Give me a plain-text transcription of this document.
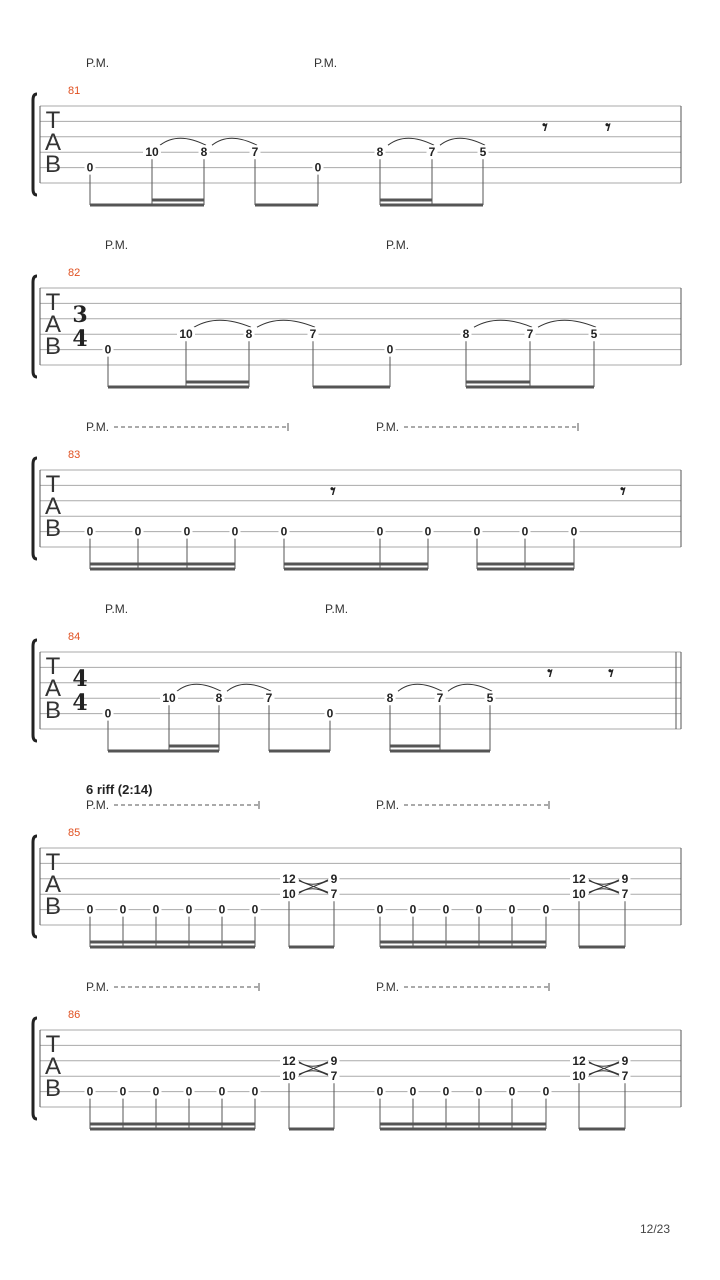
T
A
B
81
P.M.	P.M.
0
10	8	7
0
8	7	5
𝄾	𝄾
T
A
B
82
3
4
P.M.	P.M.
0
10	8	7
0
8	7	5
T
A
B
83
P.M.	P.M.
0	0	0	0	0	0	0	0	0	0
𝄾	𝄾
T
A
B
84
4
4
P.M.	P.M.
0
10	8	7
0
8	7	5
𝄾	𝄾
T
A
B
85
P.M.	P.M.
0 0 0 0 0 0
12
10
9
7
0 0 0 0 0 0
12
10
9
7
T
A
B
86
P.M.	P.M.
0 0 0 0 0 0
12
10
9
7
0 0 0 0 0 0
12
10
9
7
6 riff (2:14)
12/23
